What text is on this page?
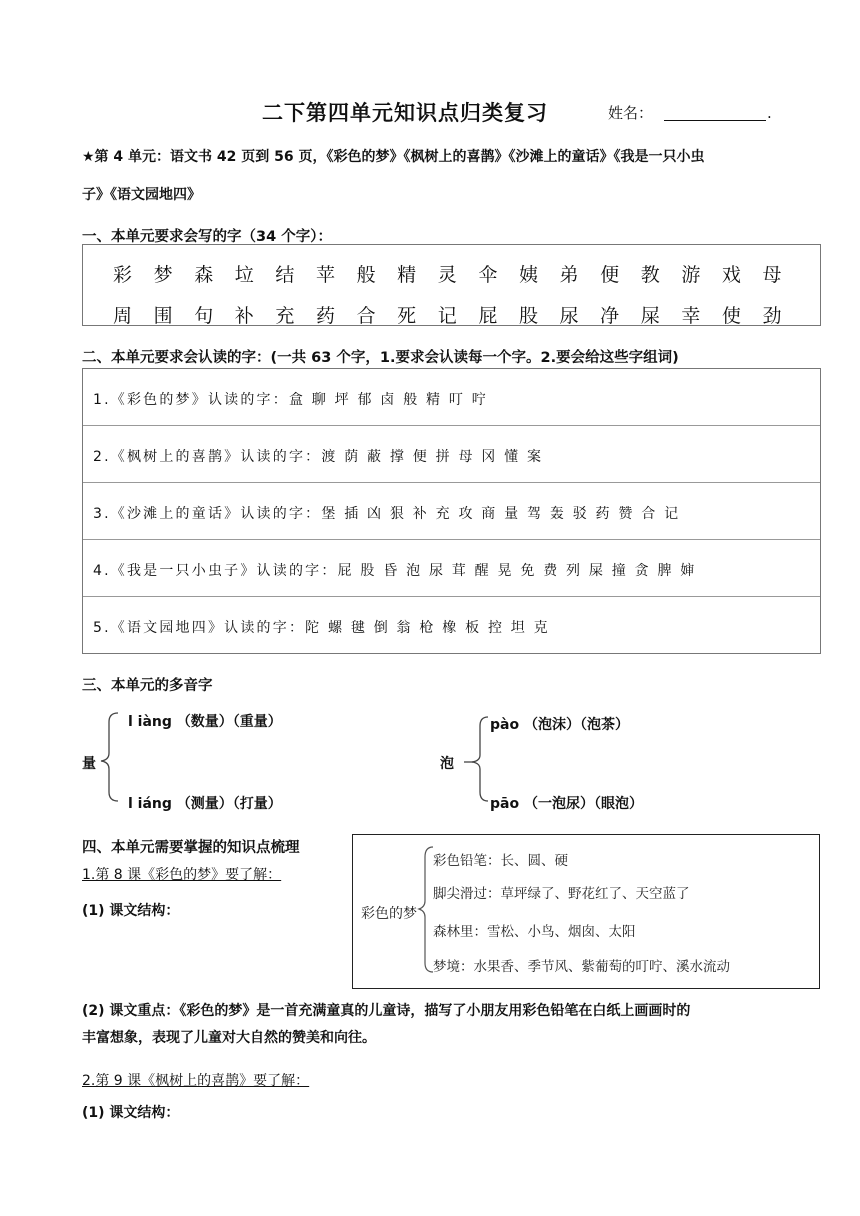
二下第四单元知识点归类复习	姓名：	.
★第 4 单元：语文书 42 页到 56 页，《彩色的梦》《枫树上的喜鹊》《沙滩上的童话》《我是一只小虫
子》《语文园地四》
一、本单元要求会写的字（34 个字）：
彩 梦 森 垃 结 苹 般 精 灵 伞 姨 弟 便 教 游 戏 母
周 围 句 补 充 药 合 死 记 屁 股 尿 净 屎 幸 使 劲
二、本单元要求会认读的字：(一共 63 个字，1.要求会认读每一个字。2.要会给这些字组词)
1.《彩色的梦》认读的字：盒 聊 坪 郁 卤 般 精 叮 咛
2.《枫树上的喜鹊》认读的字：渡 荫 蔽 撑 便 拼 母 冈 懂 案
3.《沙滩上的童话》认读的字：堡 插 凶 狠 补 充 攻 商 量 驾 轰 驳 药 赞 合 记
4.《我是一只小虫子》认读的字：屁 股 昏 泡 尿 茸 醒 晃 免 费 列 屎 撞 贪 脾 婶
5.《语文园地四》认读的字：陀 螺 毽 倒 翁 枪 橡 板 控 坦 克
三、本单元的多音字
量
l iàng （数量）（重量）
l iáng （测量）（打量）
泡
pào （泡沫）（泡茶）
pāo （一泡尿）（眼泡）
四、本单元需要掌握的知识点梳理
1.第 8 课《彩色的梦》要了解：
(1) 课文结构：	彩色的梦
彩色铅笔：长、圆、硬
脚尖滑过：草坪绿了、野花红了、天空蓝了
森林里：雪松、小鸟、烟囱、太阳
梦境：水果香、季节风、紫葡萄的叮咛、溪水流动
(2) 课文重点：《彩色的梦》是一首充满童真的儿童诗，描写了小朋友用彩色铅笔在白纸上画画时的
丰富想象，表现了儿童对大自然的赞美和向往。
2.第 9 课《枫树上的喜鹊》要了解：
(1) 课文结构：
